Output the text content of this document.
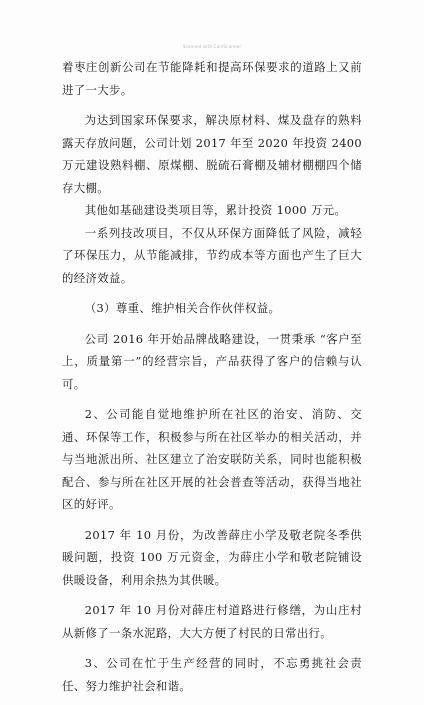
Scanned with CamScanner

着枣庄创新公司在节能降耗和提高环保要求的道路上又前进了一大步。

为达到国家环保要求，解决原材料、煤及盘存的熟料露天存放问题，公司计划 2017 年至 2020 年投资 2400 万元建设熟料棚、原煤棚、脱硫石膏棚及辅材棚棚四个储存大棚。

其他如基础建设类项目等，累计投资 1000 万元。

一系列技改项目，不仅从环保方面降低了风险，减轻了环保压力，从节能减排，节约成本等方面也产生了巨大的经济效益。

（3）尊重、维护相关合作伙伴权益。

公司 2016 年开始品牌战略建设，一贯秉承 “客户至上，质量第一”的经营宗旨，产品获得了客户的信赖与认可。

2、公司能自觉地维护所在社区的治安、消防、交通、环保等工作，积极参与所在社区举办的相关活动，并与当地派出所、社区建立了治安联防关系，同时也能积极配合、参与所在社区开展的社会普查等活动，获得当地社区的好评。

2017 年 10 月份，为改善薛庄小学及敬老院冬季供暖问题，投资 100 万元资金，为薛庄小学和敬老院铺设供暖设备，利用余热为其供暖。

2017 年 10 月份对薛庄村道路进行修缮，为山庄村从新修了一条水泥路，大大方便了村民的日常出行。

3、公司在忙于生产经营的同时，不忘勇挑社会责任、努力维护社会和谐。
